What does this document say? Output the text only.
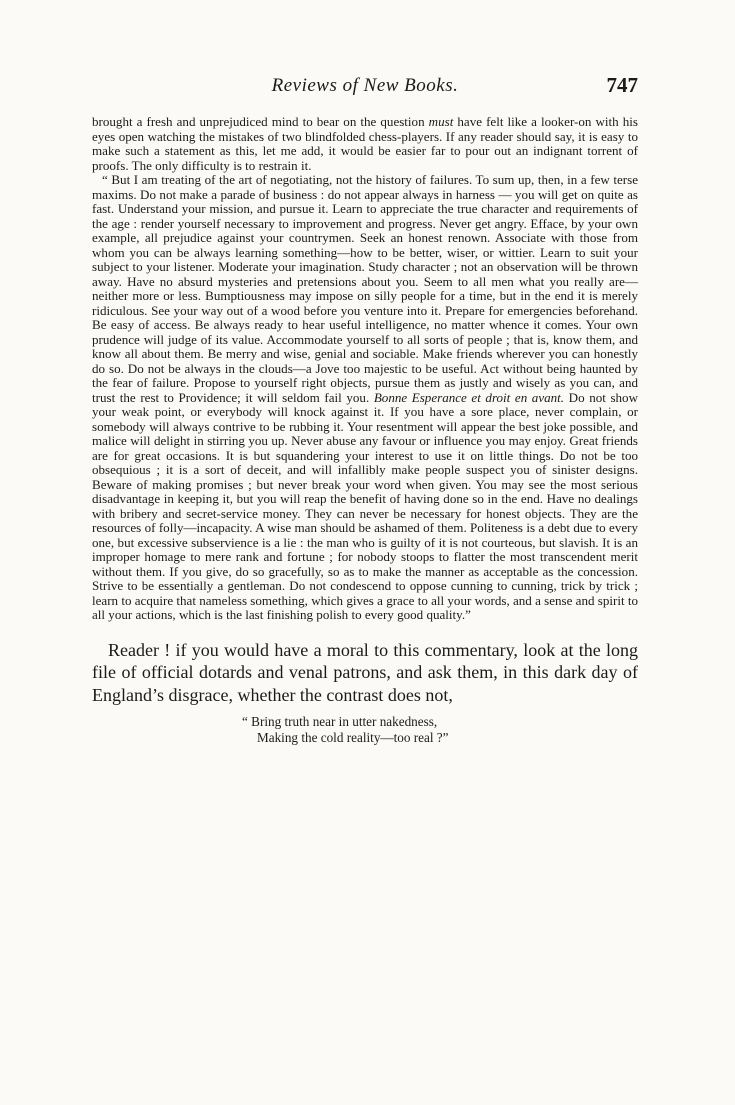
Reviews of New Books.	747

brought a fresh and unprejudiced mind to bear on the question must have felt like a looker-on with his eyes open watching the mistakes of two blindfolded chess-players. If any reader should say, it is easy to make such a statement as this, let me add, it would be easier far to pour out an indignant torrent of proofs. The only difficulty is to restrain it.

“ But I am treating of the art of negotiating, not the history of failures. To sum up, then, in a few terse maxims. Do not make a parade of business : do not appear always in harness — you will get on quite as fast. Understand your mission, and pursue it. Learn to appreciate the true character and requirements of the age : render yourself necessary to improvement and progress. Never get angry. Efface, by your own example, all prejudice against your countrymen. Seek an honest renown. Associate with those from whom you can be always learning something—how to be better, wiser, or wittier. Learn to suit your subject to your listener. Moderate your imagination. Study character ; not an observation will be thrown away. Have no absurd mysteries and pretensions about you. Seem to all men what you really are—neither more or less. Bumptiousness may impose on silly people for a time, but in the end it is merely ridiculous. See your way out of a wood before you venture into it. Prepare for emergencies beforehand. Be easy of access. Be always ready to hear useful intelligence, no matter whence it comes. Your own prudence will judge of its value. Accommodate yourself to all sorts of people ; that is, know them, and know all about them. Be merry and wise, genial and sociable. Make friends wherever you can honestly do so. Do not be always in the clouds—a Jove too majestic to be useful. Act without being haunted by the fear of failure. Propose to yourself right objects, pursue them as justly and wisely as you can, and trust the rest to Providence; it will seldom fail you. Bonne Esperance et droit en avant. Do not show your weak point, or everybody will knock against it. If you have a sore place, never complain, or somebody will always contrive to be rubbing it. Your resentment will appear the best joke possible, and malice will delight in stirring you up. Never abuse any favour or influence you may enjoy. Great friends are for great occasions. It is but squandering your interest to use it on little things. Do not be too obsequious ; it is a sort of deceit, and will infallibly make people suspect you of sinister designs. Beware of making promises ; but never break your word when given. You may see the most serious disadvantage in keeping it, but you will reap the benefit of having done so in the end. Have no dealings with bribery and secret-service money. They can never be necessary for honest objects. They are the resources of folly—incapacity. A wise man should be ashamed of them. Politeness is a debt due to every one, but excessive subservience is a lie : the man who is guilty of it is not courteous, but slavish. It is an improper homage to mere rank and fortune ; for nobody stoops to flatter the most transcendent merit without them. If you give, do so gracefully, so as to make the manner as acceptable as the concession. Strive to be essentially a gentleman. Do not condescend to oppose cunning to cunning, trick by trick ; learn to acquire that nameless something, which gives a grace to all your words, and a sense and spirit to all your actions, which is the last finishing polish to every good quality.”

Reader ! if you would have a moral to this commentary, look at the long file of official dotards and venal patrons, and ask them, in this dark day of England’s disgrace, whether the contrast does not,

“ Bring truth near in utter nakedness,
Making the cold reality—too real ?”
